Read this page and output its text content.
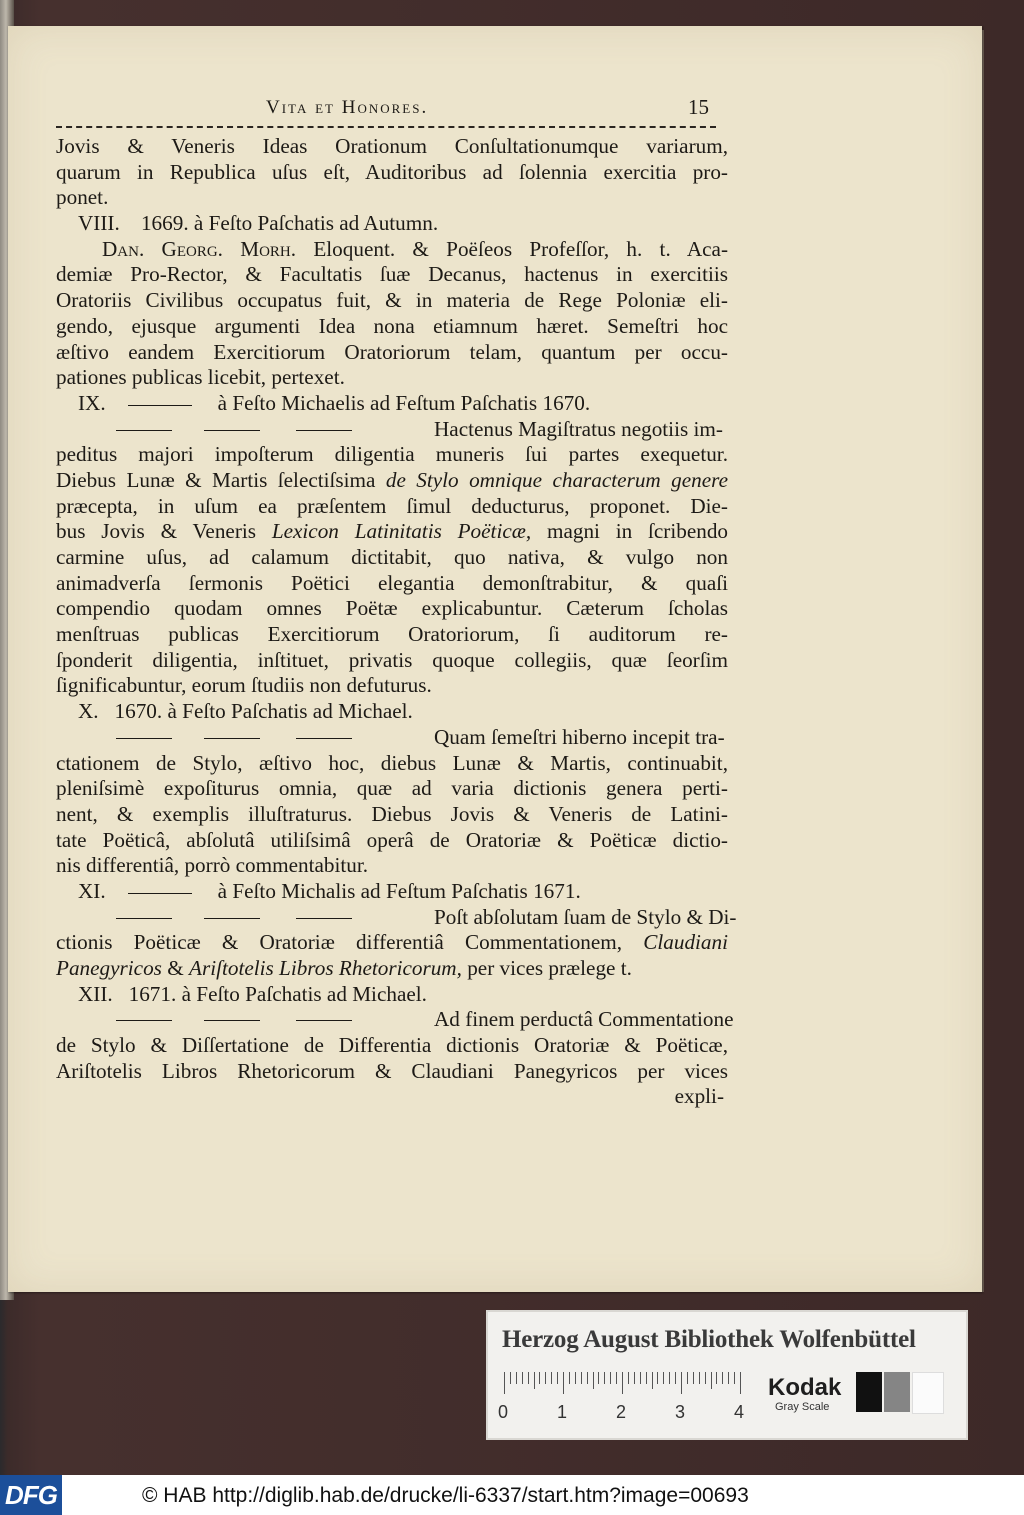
Vita et Honores.	15
Jovis & Veneris Ideas Orationum Conſultationumque variarum,
quarum in Republica uſus eſt, Auditoribus ad ſolennia exercitia pro-
ponet.
VIII. 1669. à Feſto Paſchatis ad Autumn.
Dan. Georg. Morh. Eloquent. & Poëſeos Profeſſor, h. t. Aca-
demiæ Pro-Rector, & Facultatis ſuæ Decanus, hactenus in exercitiis
Oratoriis Civilibus occupatus fuit, & in materia de Rege Poloniæ eli-
gendo, ejusque argumenti Idea nona etiamnum hæret. Semeſtri hoc
æſtivo eandem Exercitiorum Oratoriorum telam, quantum per occu-
pationes publicas licebit, pertexet.
IX.	à Feſto Michaelis ad Feſtum Paſchatis 1670.
Hactenus Magiſtratus negotiis im-
peditus majori impoſterum diligentia muneris ſui partes exequetur.
Diebus Lunæ & Martis ſelectiſsima de Stylo omnique characterum genere
præcepta, in uſum ea præſentem ſimul deducturus, proponet. Die-
bus Jovis & Veneris Lexicon Latinitatis Poëticæ, magni in ſcribendo
carmine uſus, ad calamum dictitabit, quo nativa, & vulgo non
animadverſa ſermonis Poëtici elegantia demonſtrabitur, & quaſi
compendio quodam omnes Poëtæ explicabuntur. Cæterum ſcholas
menſtruas publicas Exercitiorum Oratoriorum, ſi auditorum re-
ſponderit diligentia, inſtituet, privatis quoque collegiis, quæ ſeorſim
ſignificabuntur, eorum ſtudiis non defuturus.
X. 1670. à Feſto Paſchatis ad Michael.
Quam ſemeſtri hiberno incepit tra-
ctationem de Stylo, æſtivo hoc, diebus Lunæ & Martis, continuabit,
pleniſsimè expoſiturus omnia, quæ ad varia dictionis genera perti-
nent, & exemplis illuſtraturus. Diebus Jovis & Veneris de Latini-
tate Poëticâ, abſolutâ utiliſsimâ operâ de Oratoriæ & Poëticæ dictio-
nis differentiâ, porrò commentabitur.
XI.	à Feſto Michalis ad Feſtum Paſchatis 1671.
Poſt abſolutam ſuam de Stylo & Di-
ctionis Poëticæ & Oratoriæ differentiâ Commentationem, Claudiani
Panegyricos & Ariſtotelis Libros Rhetoricorum, per vices prælege t.
XII. 1671. à Feſto Paſchatis ad Michael.
Ad finem perductâ Commentatione
de Stylo & Diſſertatione de Differentia dictionis Oratoriæ & Poëticæ,
Ariſtotelis Libros Rhetoricorum & Claudiani Panegyricos per vices
expli-
Herzog August Bibliothek Wolfenbüttel
0	1	2	3	4
Kodak
Gray Scale
DFG	© HAB http://diglib.hab.de/drucke/li-6337/start.htm?image=00693
